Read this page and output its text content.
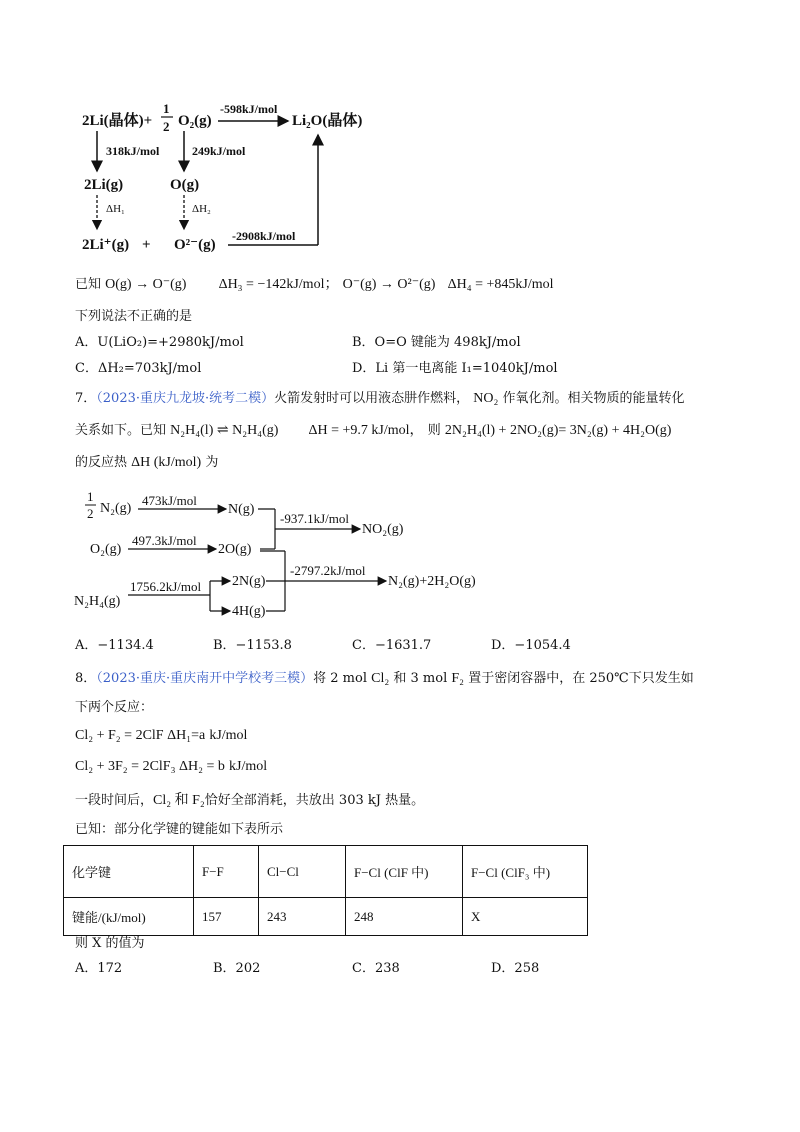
2Li(晶体)+
1
2 O₂(g)
-598kJ/mol
Li₂O(晶体)
318kJ/mol	249kJ/mol
2Li(g)	O(g)
ΔH₁	ΔH₂
2Li⁺(g) + O²⁻(g)
-2908kJ/mol
已知 O(g) → O⁻(g) ΔH₃ = −142kJ/mol； O⁻(g) → O²⁻(g) ΔH₄ = +845kJ/mol
下列说法不正确的是
A．U(LiO₂)=+2980kJ/mol	B．O=O 键能为 498kJ/mol
C．ΔH₂=703kJ/mol	D．Li 第一电离能 I₁=1040kJ/mol
7．（2023·重庆九龙坡·统考二模）火箭发射时可以用液态肼作燃料， NO₂ 作氧化剂。相关物质的能量转化
关系如下。已知 N₂H₄(l) ⇌ N₂H₄(g) ΔH = +9.7 kJ/mol， 则 2N₂H₄(l) + 2NO₂(g)= 3N₂(g) + 4H₂O(g)
的反应热 ΔH (kJ/mol) 为
1
2 N₂(g)
473kJ/mol
N(g)
-937.1kJ/mol
NO₂(g)
O₂(g)
497.3kJ/mol
2O(g)
N₂H₄(g)
1756.2kJ/mol 2N(g)
4H(g)
-2797.2kJ/mol
N₂(g)+2H₂O(g)
A．−1134.4	B．−1153.8	C．−1631.7	D．−1054.4
8．（2023·重庆·重庆南开中学校考三模）将 2 mol Cl₂ 和 3 mol F₂ 置于密闭容器中，在 250℃下只发生如
下两个反应：
Cl₂ + F₂ = 2ClF ΔH₁=a kJ/mol
Cl₂ + 3F₂ = 2ClF₃ ΔH₂ = b kJ/mol
一段时间后，Cl₂ 和 F₂恰好全部消耗，共放出 303 kJ 热量。
已知：部分化学键的键能如下表所示
化学键	F−F	Cl−Cl	F−Cl (ClF 中)	F−Cl (ClF₃ 中)
键能/(kJ/mol)	157	243	248	X
则 X 的值为
A．172	B．202	C．238	D．258
